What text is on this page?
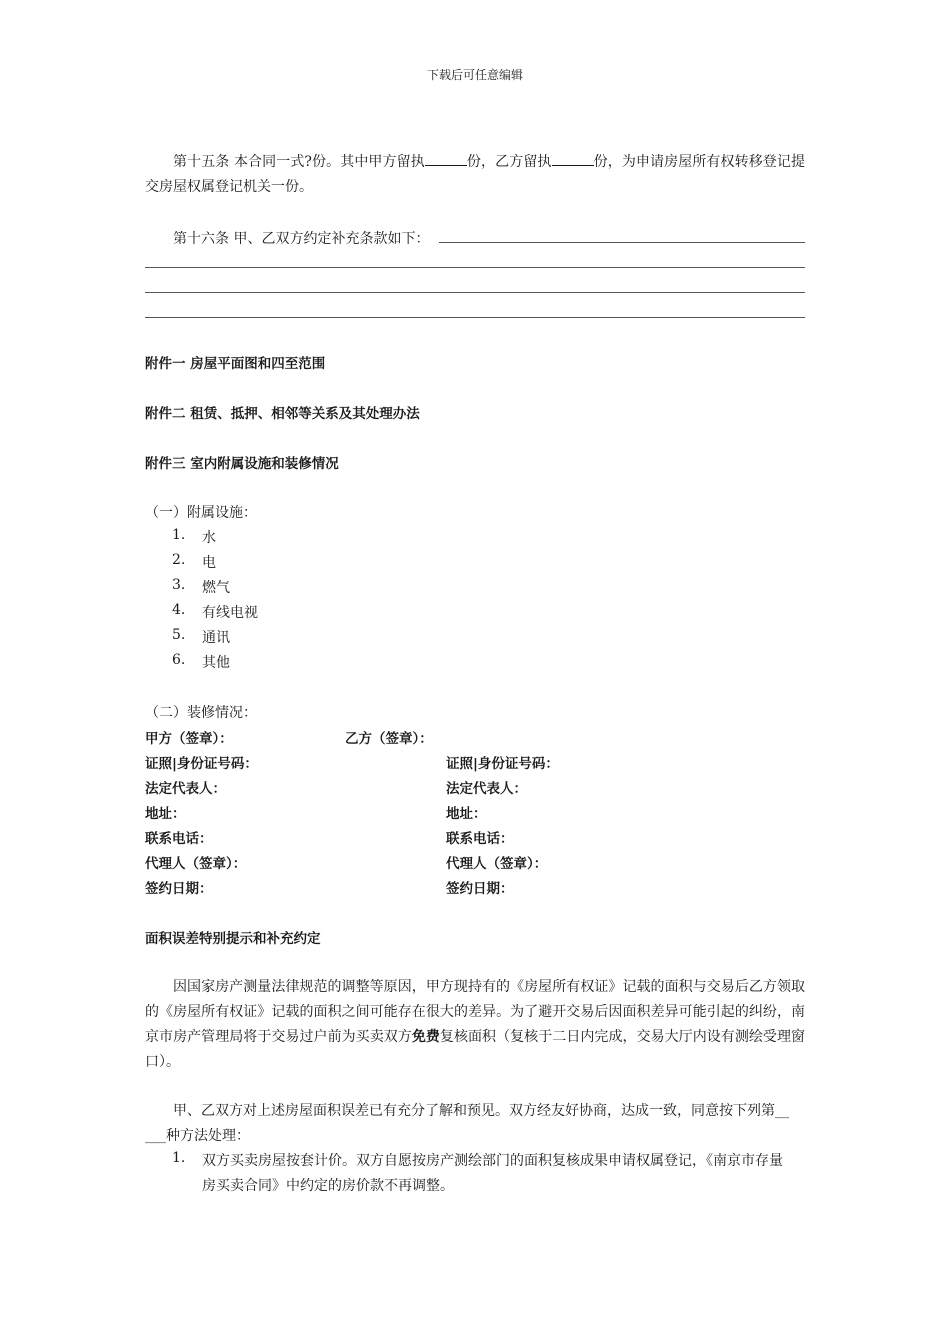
下载后可任意编辑
第十五条 本合同一式?份。其中甲方留执	份，乙方留执	份，为申请房屋所有权转移登记提交房屋权属登记机关一份。
第十六条 甲、乙双方约定补充条款如下：
附件一 房屋平面图和四至范围
附件二 租赁、抵押、相邻等关系及其处理办法
附件三 室内附属设施和装修情况
（一）附属设施：
1. 水
2. 电
3. 燃气
4. 有线电视
5. 通讯
6. 其他
（二）装修情况：
甲方（签章）：	乙方（签章）：
证照|身份证号码：	证照|身份证号码：
法定代表人：	法定代表人：
地址：	地址：
联系电话：	联系电话：
代理人（签章）：	代理人（签章）：
签约日期：	签约日期：
面积误差特别提示和补充约定
因国家房产测量法律规范的调整等原因，甲方现持有的《房屋所有权证》记载的面积与交易后乙方领取的《房屋所有权证》记载的面积之间可能存在很大的差异。为了避开交易后因面积差异可能引起的纠纷，南京市房产管理局将于交易过户前为买卖双方免费复核面积（复核于二日内完成，交易大厅内设有测绘受理窗口）。
甲、乙双方对上述房屋面积误差已有充分了解和预见。双方经友好协商，达成一致，同意按下列第__
___种方法处理：
1. 双方买卖房屋按套计价。双方自愿按房产测绘部门的面积复核成果申请权属登记，《南京市存量
房买卖合同》中约定的房价款不再调整。
